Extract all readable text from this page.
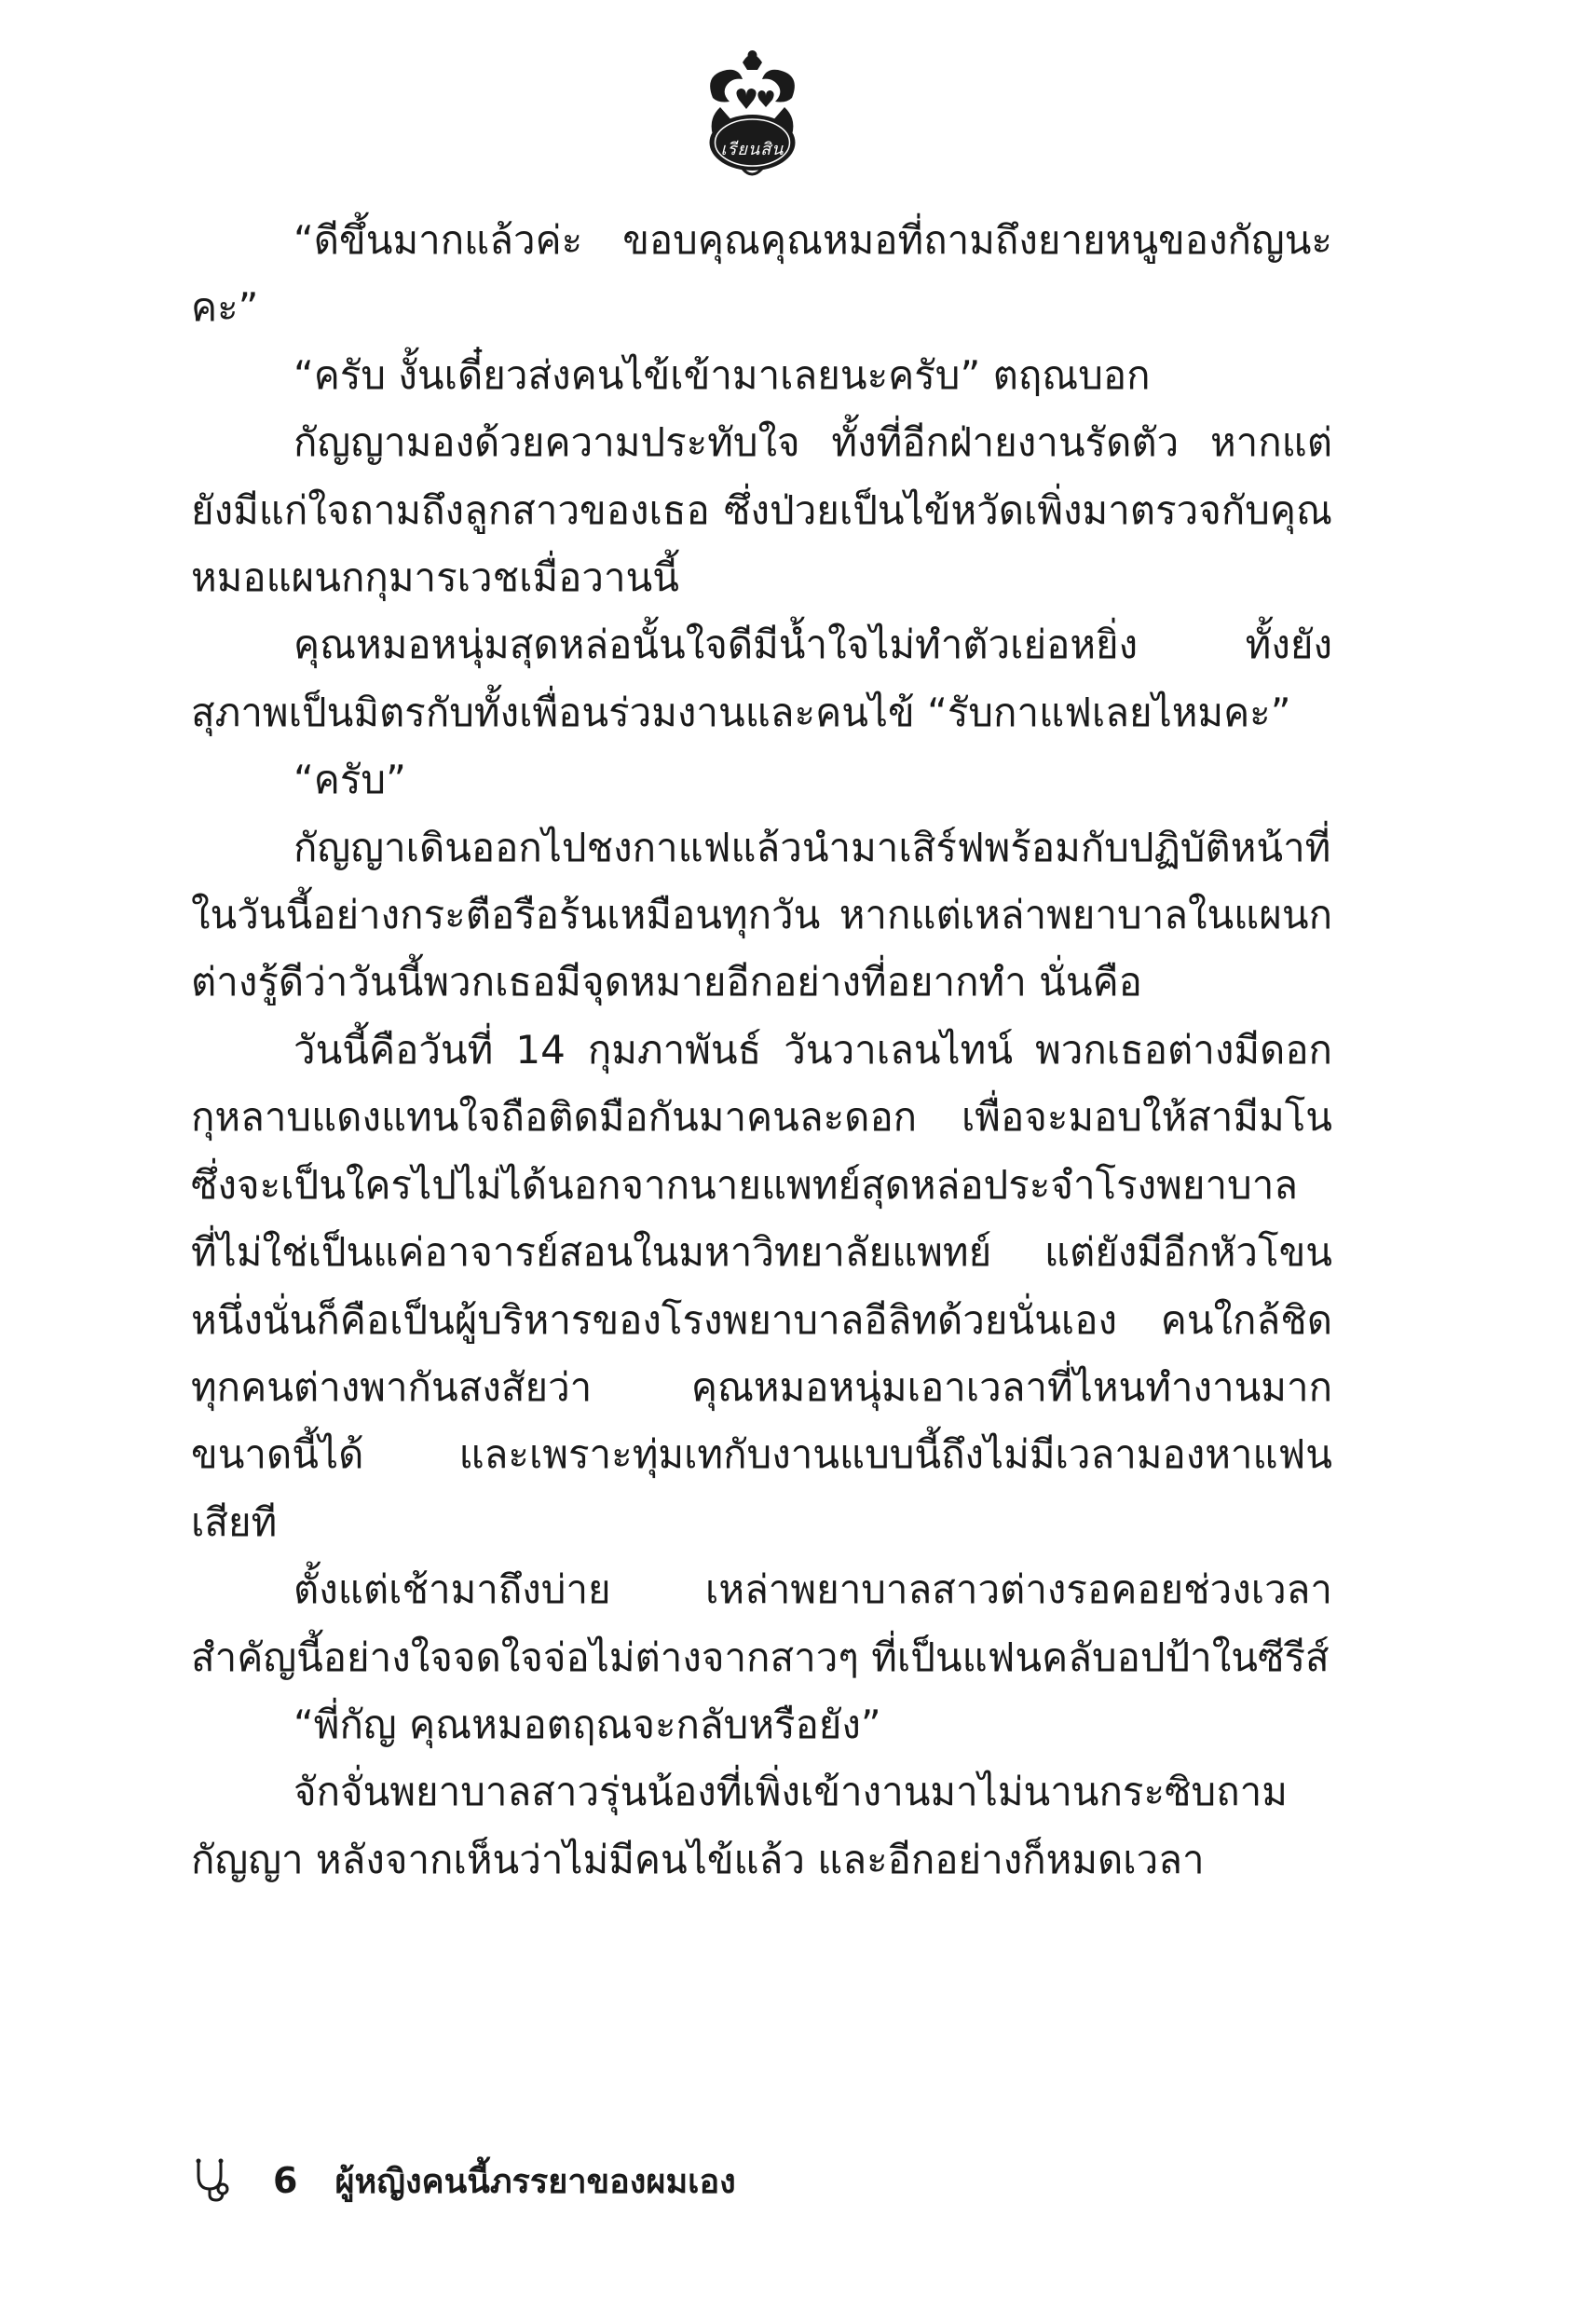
เรียนสิน

“ดีขึ้นมากแล้วค่ะ ขอบคุณคุณหมอที่ถามถึงยายหนูของกัญนะคะ”

“ครับ งั้นเดี๋ยวส่งคนไข้เข้ามาเลยนะครับ” ตฤณบอก

กัญญามองด้วยความประทับใจ ทั้งที่อีกฝ่ายงานรัดตัว หากแต่ยังมีแก่ใจถามถึงลูกสาวของเธอ ซึ่งป่วยเป็นไข้หวัดเพิ่งมาตรวจกับคุณหมอแผนกกุมารเวชเมื่อวานนี้

คุณหมอหนุ่มสุดหล่อนั้นใจดีมีน้ำใจไม่ทำตัวเย่อหยิ่ง ทั้งยังสุภาพเป็นมิตรกับทั้งเพื่อนร่วมงานและคนไข้ “รับกาแฟเลยไหมคะ”

“ครับ”

กัญญาเดินออกไปชงกาแฟแล้วนำมาเสิร์ฟพร้อมกับปฏิบัติหน้าที่ในวันนี้อย่างกระตือรือร้นเหมือนทุกวัน หากแต่เหล่าพยาบาลในแผนกต่างรู้ดีว่าวันนี้พวกเธอมีจุดหมายอีกอย่างที่อยากทำ นั่นคือ

วันนี้คือวันที่ 14 กุมภาพันธ์ วันวาเลนไทน์ พวกเธอต่างมีดอกกุหลาบแดงแทนใจถือติดมือกันมาคนละดอก เพื่อจะมอบให้สามีมโน ซึ่งจะเป็นใครไปไม่ได้นอกจากนายแพทย์สุดหล่อประจำโรงพยาบาล ที่ไม่ใช่เป็นแค่อาจารย์สอนในมหาวิทยาลัยแพทย์ แต่ยังมีอีกหัวโขนหนึ่งนั่นก็คือเป็นผู้บริหารของโรงพยาบาลอีลิทด้วยนั่นเอง คนใกล้ชิดทุกคนต่างพากันสงสัยว่า คุณหมอหนุ่มเอาเวลาที่ไหนทำงานมากขนาดนี้ได้ และเพราะทุ่มเทกับงานแบบนี้ถึงไม่มีเวลามองหาแฟนเสียที

ตั้งแต่เช้ามาถึงบ่าย เหล่าพยาบาลสาวต่างรอคอยช่วงเวลาสำคัญนี้อย่างใจจดใจจ่อไม่ต่างจากสาวๆ ที่เป็นแฟนคลับอปป้าในซีรีส์

“พี่กัญ คุณหมอตฤณจะกลับหรือยัง”

จักจั่นพยาบาลสาวรุ่นน้องที่เพิ่งเข้างานมาไม่นานกระซิบถามกัญญา หลังจากเห็นว่าไม่มีคนไข้แล้ว และอีกอย่างก็หมดเวลา

6 ผู้หญิงคนนี้ภรรยาของผมเอง
